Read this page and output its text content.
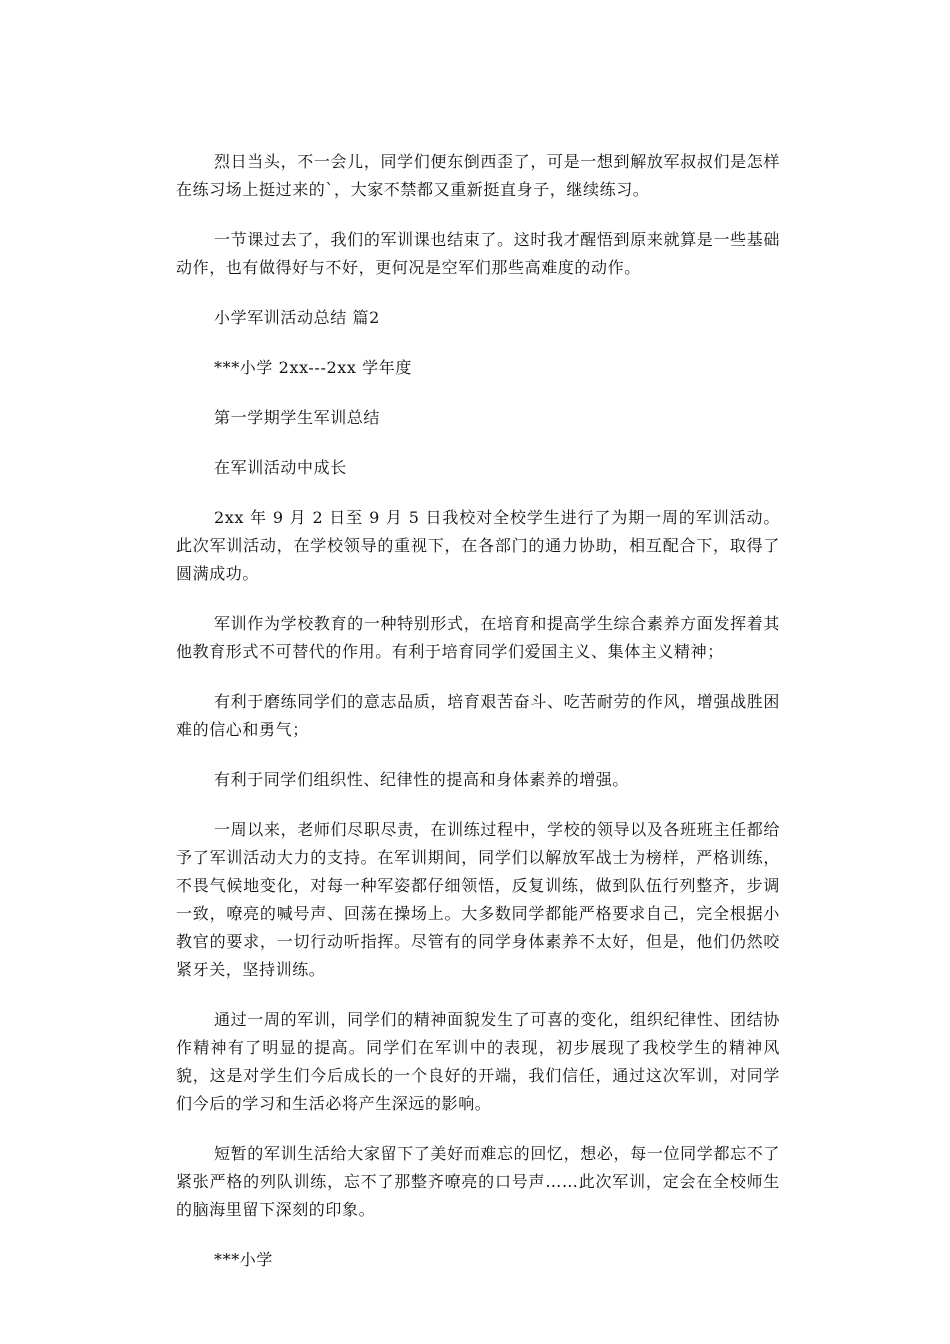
烈日当头，不一会儿，同学们便东倒西歪了，可是一想到解放军叔叔们是怎样在练习场上挺过来的`，大家不禁都又重新挺直身子，继续练习。

一节课过去了，我们的军训课也结束了。这时我才醒悟到原来就算是一些基础动作，也有做得好与不好，更何况是空军们那些高难度的动作。

小学军训活动总结 篇2

***小学 2xx---2xx 学年度

第一学期学生军训总结

在军训活动中成长

2xx 年 9 月 2 日至 9 月 5 日我校对全校学生进行了为期一周的军训活动。此次军训活动，在学校领导的重视下，在各部门的通力协助，相互配合下，取得了圆满成功。

军训作为学校教育的一种特别形式，在培育和提高学生综合素养方面发挥着其他教育形式不可替代的作用。有利于培育同学们爱国主义、集体主义精神；

有利于磨练同学们的意志品质，培育艰苦奋斗、吃苦耐劳的作风，增强战胜困难的信心和勇气；

有利于同学们组织性、纪律性的提高和身体素养的增强。

一周以来，老师们尽职尽责，在训练过程中，学校的领导以及各班班主任都给予了军训活动大力的支持。在军训期间，同学们以解放军战士为榜样，严格训练，不畏气候地变化，对每一种军姿都仔细领悟，反复训练，做到队伍行列整齐，步调一致，嘹亮的喊号声、回荡在操场上。大多数同学都能严格要求自己，完全根据小教官的要求，一切行动听指挥。尽管有的同学身体素养不太好，但是，他们仍然咬紧牙关，坚持训练。

通过一周的军训，同学们的精神面貌发生了可喜的变化，组织纪律性、团结协作精神有了明显的提高。同学们在军训中的表现，初步展现了我校学生的精神风貌，这是对学生们今后成长的一个良好的开端，我们信任，通过这次军训，对同学们今后的学习和生活必将产生深远的影响。

短暂的军训生活给大家留下了美好而难忘的回忆，想必，每一位同学都忘不了紧张严格的列队训练，忘不了那整齐嘹亮的口号声……此次军训，定会在全校师生的脑海里留下深刻的印象。

***小学
